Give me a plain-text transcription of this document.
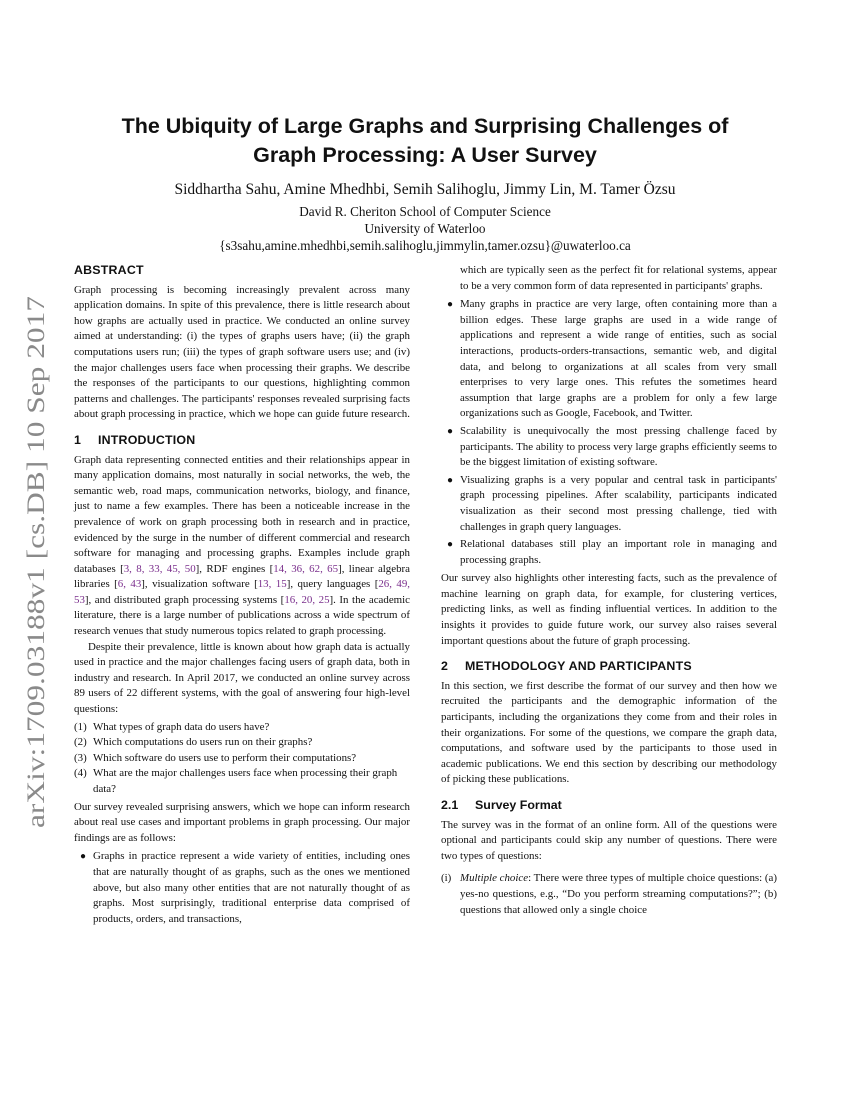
arXiv:1709.03188v1 [cs.DB] 10 Sep 2017
The Ubiquity of Large Graphs and Surprising Challenges of
Graph Processing: A User Survey

Siddhartha Sahu, Amine Mhedhbi, Semih Salihoglu, Jimmy Lin, M. Tamer Özsu

David R. Cheriton School of Computer Science
University of Waterloo
{s3sahu,amine.mhedhbi,semih.salihoglu,jimmylin,tamer.ozsu}@uwaterloo.ca
ABSTRACT

Graph processing is becoming increasingly prevalent across many application domains. In spite of this prevalence, there is little research about how graphs are actually used in practice. We conducted an online survey aimed at understanding: (i) the types of graphs users have; (ii) the graph computations users run; (iii) the types of graph software users use; and (iv) the major challenges users face when processing their graphs. We describe the responses of the participants to our questions, highlighting common patterns and challenges. The participants' responses revealed surprising facts about graph processing in practice, which we hope can guide future research.

1 INTRODUCTION

Graph data representing connected entities and their relationships appear in many application domains, most naturally in social networks, the web, the semantic web, road maps, communication networks, biology, and finance, just to name a few examples. There has been a noticeable increase in the prevalence of work on graph processing both in research and in practice, evidenced by the surge in the number of different commercial and research software for managing and processing graphs. Examples include graph databases [3, 8, 33, 45, 50], RDF engines [14, 36, 62, 65], linear algebra libraries [6, 43], visualization software [13, 15], query languages [26, 49, 53], and distributed graph processing systems [16, 20, 25]. In the academic literature, there is a large number of publications across a wide spectrum of research venues that study numerous topics related to graph processing.

Despite their prevalence, little is known about how graph data is actually used in practice and the major challenges facing users of graph data, both in industry and research. In April 2017, we conducted an online survey across 89 users of 22 different systems, with the goal of answering four high-level questions:

(1) What types of graph data do users have?
(2) Which computations do users run on their graphs?
(3) Which software do users use to perform their computations?
(4) What are the major challenges users face when processing their graph data?

Our survey revealed surprising answers, which we hope can inform research about real use cases and important problems in graph processing. Our major findings are as follows:

● Graphs in practice represent a wide variety of entities, including ones that are naturally thought of as graphs, such as the ones we mentioned above, but also many other entities that are not naturally thought of as graphs. Most surprisingly, traditional enterprise data comprised of products, orders, and transactions,

which are typically seen as the perfect fit for relational systems, appear to be a very common form of data represented in participants' graphs.

● Many graphs in practice are very large, often containing more than a billion edges. These large graphs are used in a wide range of applications and represent a wide range of entities, such as social interactions, products-orders-transactions, semantic web, and digital data, and belong to organizations at all scales from very small enterprises to very large ones. This refutes the sometimes heard assumption that large graphs are a problem for only a few large organizations such as Google, Facebook, and Twitter.
● Scalability is unequivocally the most pressing challenge faced by participants. The ability to process very large graphs efficiently seems to be the biggest limitation of existing software.
● Visualizing graphs is a very popular and central task in participants' graph processing pipelines. After scalability, participants indicated visualization as their second most pressing challenge, tied with challenges in graph query languages.
● Relational databases still play an important role in managing and processing graphs.

Our survey also highlights other interesting facts, such as the prevalence of machine learning on graph data, for example, for clustering vertices, predicting links, as well as finding influential vertices. In addition to the insights it provides to guide future work, our survey also raises several important questions about the future of graph processing.

2 METHODOLOGY AND PARTICIPANTS

In this section, we first describe the format of our survey and then how we recruited the participants and the demographic information of the participants, including the organizations they come from and their roles in their organizations. For some of the questions, we compare the graph data, computations, and software used by the participants to those used in academic publications. We end this section by describing our methodology of picking these publications.

2.1 Survey Format

The survey was in the format of an online form. All of the questions were optional and participants could skip any number of questions. There were two types of questions:

(i) Multiple choice: There were three types of multiple choice questions: (a) yes-no questions, e.g., “Do you perform streaming computations?”; (b) questions that allowed only a single choice
